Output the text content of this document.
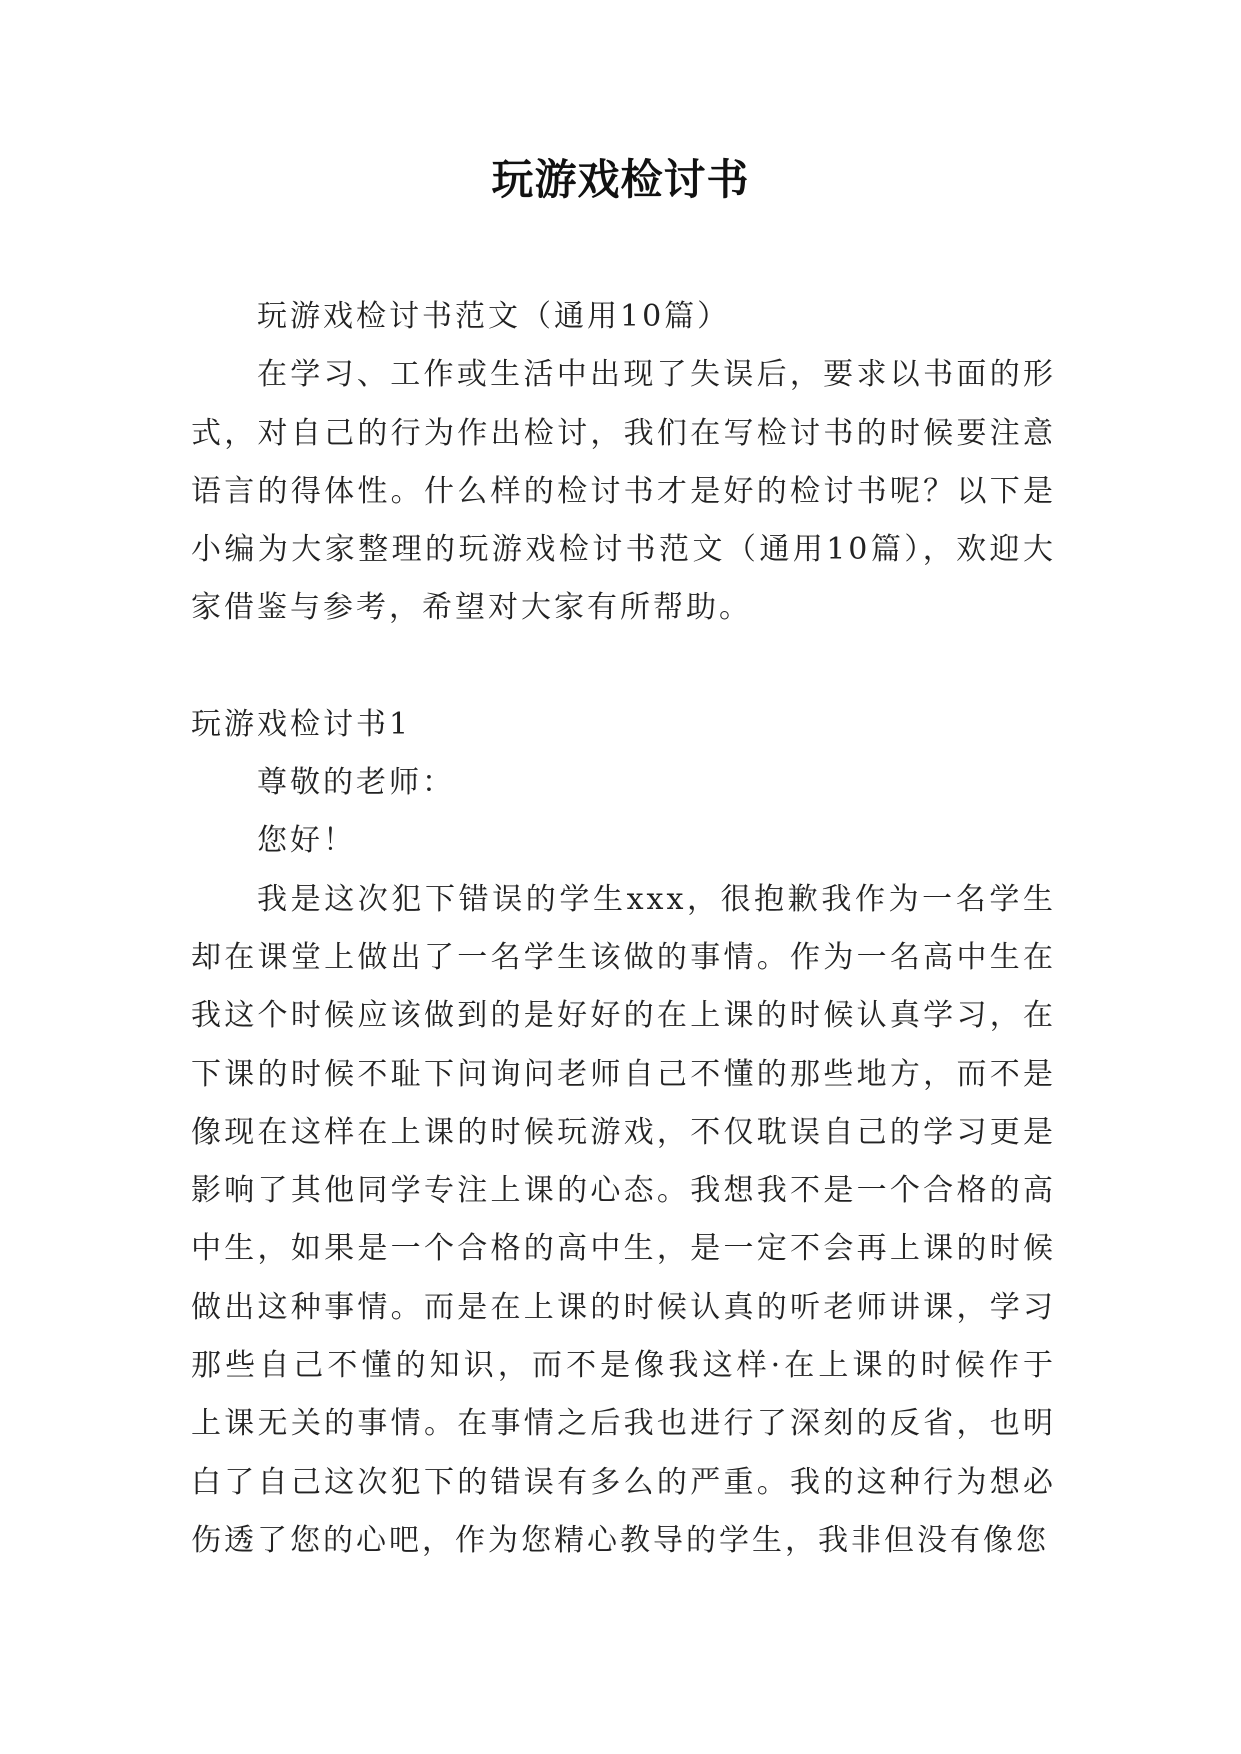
玩游戏检讨书

玩游戏检讨书范文（通用10篇）

在学习、工作或生活中出现了失误后，要求以书面的形式，对自己的行为作出检讨，我们在写检讨书的时候要注意语言的得体性。什么样的检讨书才是好的检讨书呢？以下是小编为大家整理的玩游戏检讨书范文（通用10篇），欢迎大家借鉴与参考，希望对大家有所帮助。

玩游戏检讨书1

尊敬的老师：

您好！

我是这次犯下错误的学生xxx，很抱歉我作为一名学生却在课堂上做出了一名学生该做的事情。作为一名高中生在我这个时候应该做到的是好好的在上课的时候认真学习，在下课的时候不耻下问询问老师自己不懂的那些地方，而不是像现在这样在上课的时候玩游戏，不仅耽误自己的学习更是影响了其他同学专注上课的心态。我想我不是一个合格的高中生，如果是一个合格的高中生，是一定不会再上课的时候做出这种事情。而是在上课的时候认真的听老师讲课，学习那些自己不懂的知识，而不是像我这样·在上课的时候作于上课无关的事情。在事情之后我也进行了深刻的反省，也明白了自己这次犯下的错误有多么的严重。我的这种行为想必伤透了您的心吧，作为您精心教导的学生，我非但没有像您
